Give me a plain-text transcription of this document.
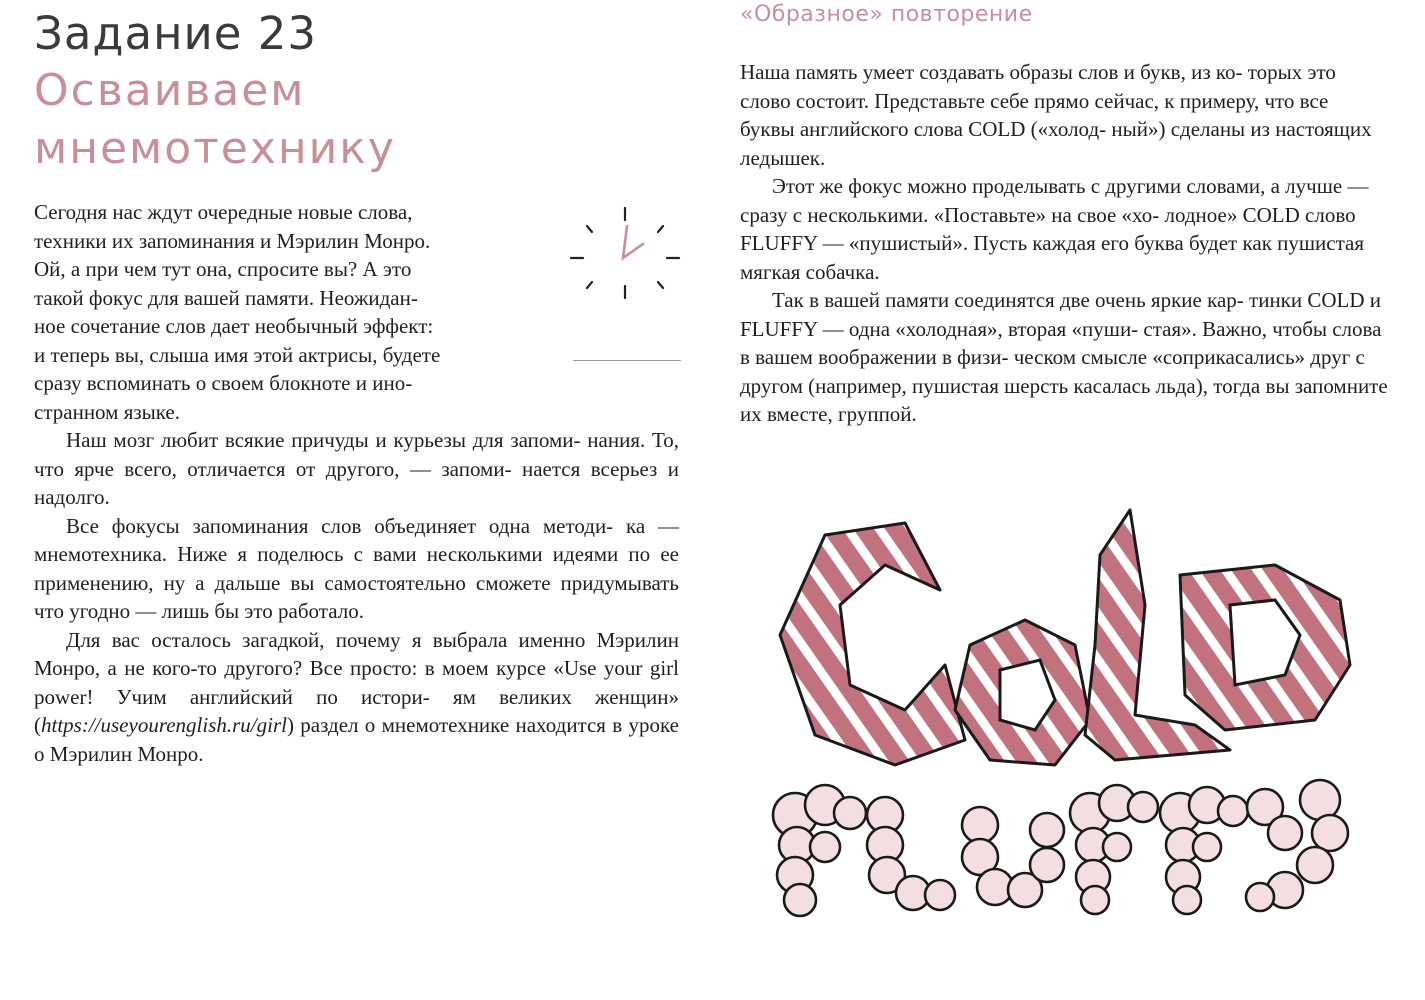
Задание 23
Осваиваем
мнемотехнику

Сегодня нас ждут очередные новые слова,
техники их запоминания и Мэрилин Монро.
Ой, а при чем тут она, спросите вы? А это
такой фокус для вашей памяти. Неожидан-
ное сочетание слов дает необычный эффект:
и теперь вы, слыша имя этой актрисы, будете
сразу вспоминать о своем блокноте и ино-
странном языке.

Наш мозг любит всякие причуды и курьезы для запоми- нания. То, что ярче всего, отличается от другого, — запоми- нается всерьез и надолго.

Все фокусы запоминания слов объединяет одна методи- ка — мнемотехника. Ниже я поделюсь с вами несколькими идеями по ее применению, ну а дальше вы самостоятельно сможете придумывать что угодно — лишь бы это работало.

Для вас осталось загадкой, почему я выбрала именно Мэрилин Монро, а не кого-то другого? Все просто: в моем курсе «Use your girl power! Учим английский по истори- ям великих женщин» (https://useyourenglish.ru/girl) раздел о мнемотехнике находится в уроке о Мэрилин Монро.

«Образное» повторение

Наша память умеет создавать образы слов и букв, из ко- торых это слово состоит. Представьте себе прямо сейчас, к примеру, что все буквы английского слова COLD («холод- ный») сделаны из настоящих ледышек.

Этот же фокус можно проделывать с другими словами, а лучше — сразу с несколькими. «Поставьте» на свое «хо- лодное» COLD слово FLUFFY — «пушистый». Пусть каждая его буква будет как пушистая мягкая собачка.

Так в вашей памяти соединятся две очень яркие кар- тинки COLD и FLUFFY — одна «холодная», вторая «пуши- стая». Важно, чтобы слова в вашем воображении в физи- ческом смысле «соприкасались» друг с другом (например, пушистая шерсть касалась льда), тогда вы запомните их вместе, группой.
